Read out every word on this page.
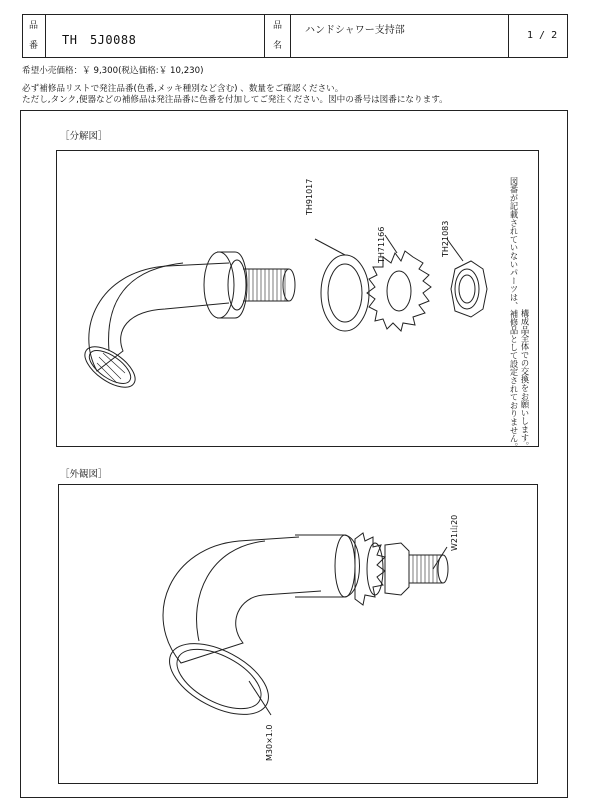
品
番 TH　5J0088
品
名
ハンドシャワー支持部	1 / 2
希望小売価格：￥ 9,300(税込価格:￥ 10,230)
必ず補修品リストで発注品番(色番,メッキ種別など含む) 、数量をご確認ください。
ただし,タンク,便器などの補修品は発注品番に色番を付加してご発注ください。図中の番号は図番になります。
［分解図］
TH91017
TH71166	TH21083	図番が記載されていないパーツは、補修品として設定されておりません。 構成品全体での交換をお願いします。
［外観図］
W21山20
M30×1.0
